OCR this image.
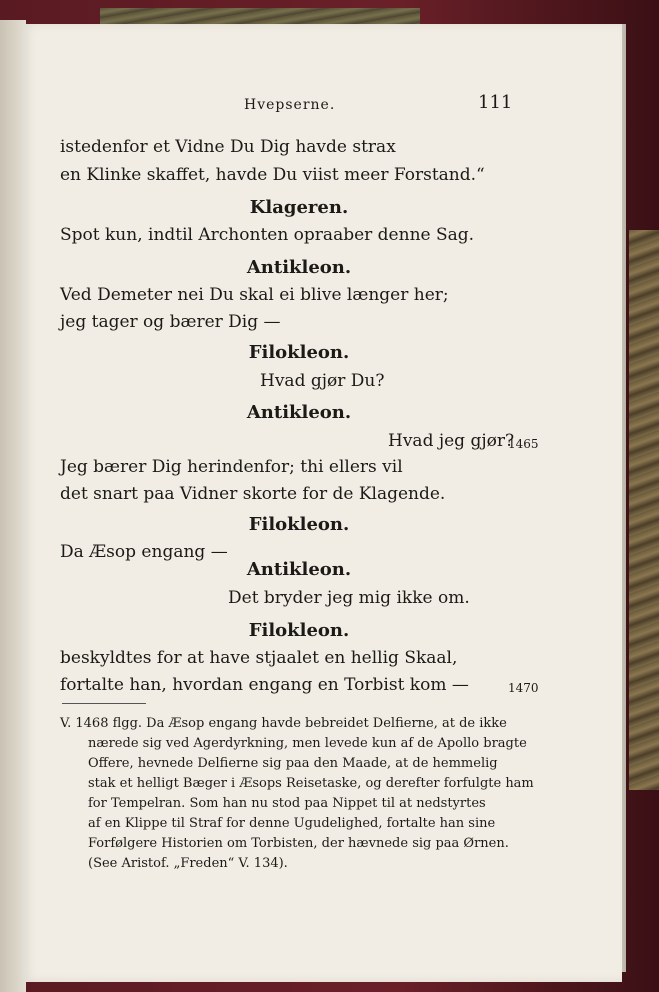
Hvepserne.	111
istedenfor et Vidne Du Dig havde strax
en Klinke skaffet, havde Du viist meer Forstand.“
Klageren.
Spot kun, indtil Archonten opraaber denne Sag.
Antikleon.
Ved Demeter nei Du skal ei blive længer her;
jeg tager og bærer Dig —
Filokleon.
Hvad gjør Du?
Antikleon.
Hvad jeg gjør?
1465
Jeg bærer Dig herindenfor; thi ellers vil
det snart paa Vidner skorte for de Klagende.
Filokleon.
Da Æsop engang —
Antikleon.
Det bryder jeg mig ikke om.
Filokleon.
beskyldtes for at have stjaalet en hellig Skaal,
fortalte han, hvordan engang en Torbist kom —	1470
V. 1468 flgg. Da Æsop engang havde bebreidet Delfierne, at de ikke
nærede sig ved Agerdyrkning, men levede kun af de Apollo bragte
Offere, hevnede Delfierne sig paa den Maade, at de hemmelig
stak et helligt Bæger i Æsops Reisetaske, og derefter forfulgte ham
for Tempelran. Som han nu stod paa Nippet til at nedstyrtes
af en Klippe til Straf for denne Ugudelighed, fortalte han sine
Forfølgere Historien om Torbisten, der hævnede sig paa Ørnen.
(See Aristof. „Freden“ V. 134).
